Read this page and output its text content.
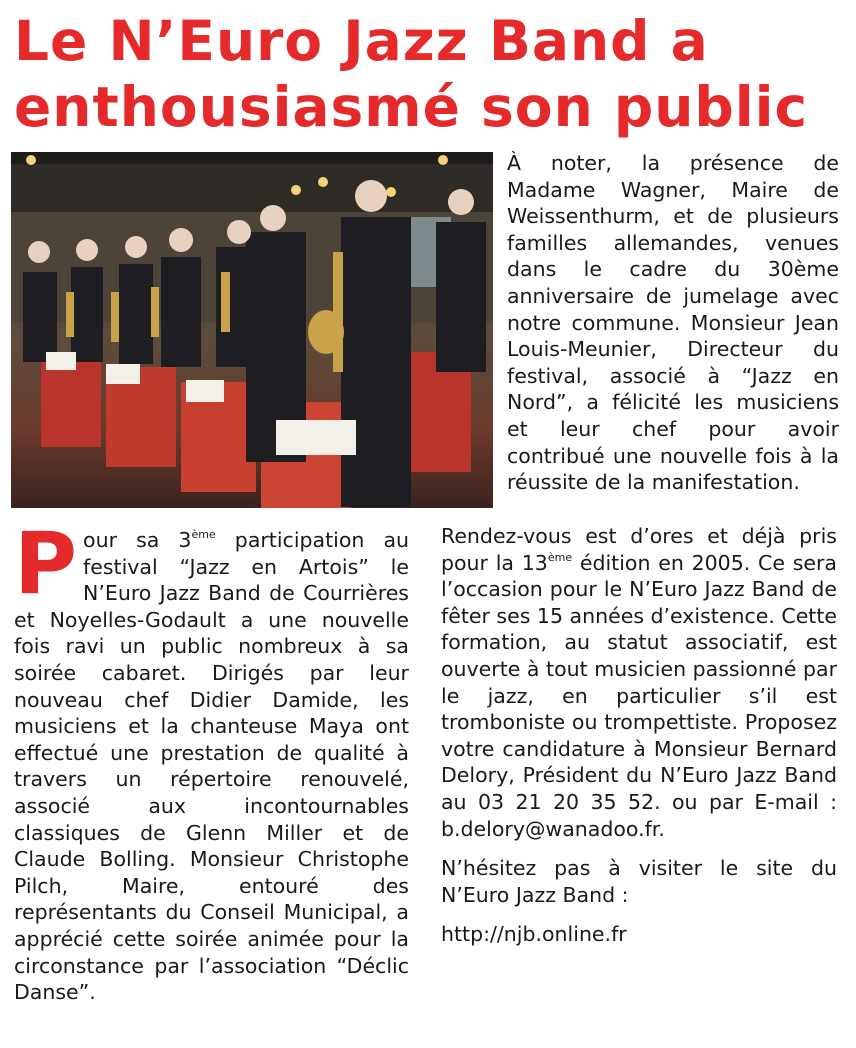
Le N’Euro Jazz Band a
enthousiasmé son public

À noter, la présence de Madame Wagner, Maire de Weissenthurm, et de plusieurs familles allemandes, venues dans le cadre du 30ème anniversaire de jumelage avec notre commune. Monsieur Jean Louis-Meunier, Directeur du festival, associé à “Jazz en Nord”, a félicité les musiciens et leur chef pour avoir contribué une nouvelle fois à la réussite de la manifestation.

P our sa 3ème participation au festival “Jazz en Artois” le N’Euro Jazz Band de Courrières et Noyelles-Godault a une nouvelle fois ravi un public nombreux à sa soirée cabaret. Dirigés par leur nouveau chef Didier Damide, les musiciens et la chanteuse Maya ont effectué une prestation de qualité à travers un répertoire renouvelé, associé aux incontournables classiques de Glenn Miller et de Claude Bolling. Monsieur Christophe Pilch, Maire, entouré des représentants du Conseil Municipal, a apprécié cette soirée animée pour la circonstance par l’association “Déclic Danse”.

Rendez-vous est d’ores et déjà pris pour la 13ème édition en 2005. Ce sera l’occasion pour le N’Euro Jazz Band de fêter ses 15 années d’existence. Cette formation, au statut associatif, est ouverte à tout musicien passionné par le jazz, en particulier s’il est tromboniste ou trompettiste. Proposez votre candidature à Monsieur Bernard Delory, Président du N’Euro Jazz Band au 03 21 20 35 52. ou par E-mail : b.delory@wanadoo.fr.

N’hésitez pas à visiter le site du N’Euro Jazz Band :

http://njb.online.fr
